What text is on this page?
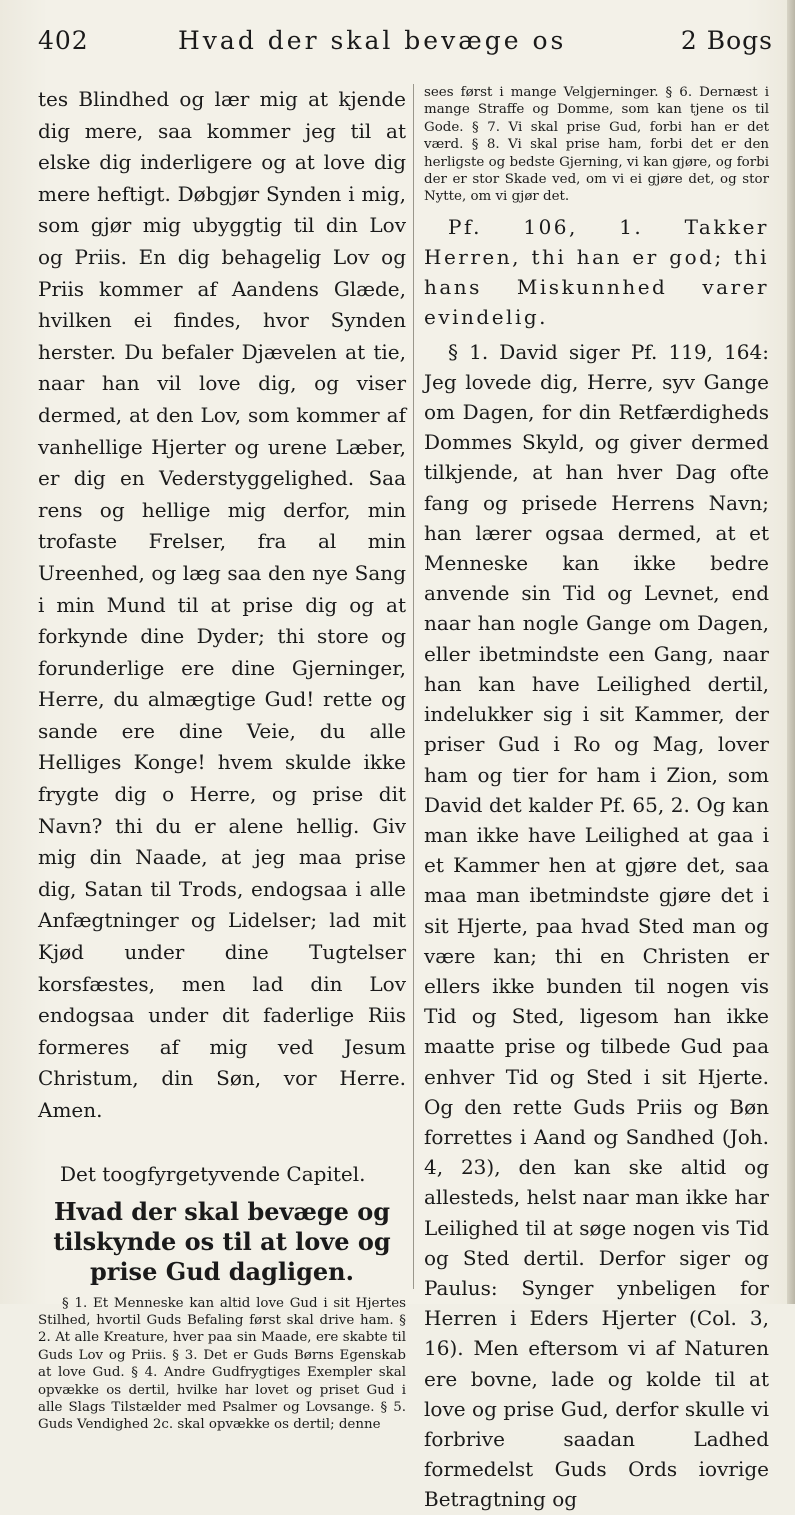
402	Hvad der skal bevæge os	2 Bogs

tes Blindhed og lær mig at kjende dig mere, saa kommer jeg til at elske dig inderligere og at love dig mere heftigt. Døbgjør Synden i mig, som gjør mig ubyggtig til din Lov og Priis. En dig behagelig Lov og Priis kommer af Aandens Glæde, hvilken ei findes, hvor Synden herster. Du befaler Djævelen at tie, naar han vil love dig, og viser dermed, at den Lov, som kommer af vanhellige Hjerter og urene Læber, er dig en Vederstyggelighed. Saa rens og hellige mig derfor, min trofaste Frelser, fra al min Ureenhed, og læg saa den nye Sang i min Mund til at prise dig og at forkynde dine Dyder; thi store og forunderlige ere dine Gjerninger, Herre, du almægtige Gud! rette og sande ere dine Veie, du alle Helliges Konge! hvem skulde ikke frygte dig o Herre, og prise dit Navn? thi du er alene hellig. Giv mig din Naade, at jeg maa prise dig, Satan til Trods, endogsaa i alle Anfægtninger og Lidelser; lad mit Kjød under dine Tugtelser korsfæstes, men lad din Lov endogsaa under dit faderlige Riis formeres af mig ved Jesum Christum, din Søn, vor Herre. Amen.

Det toogfyrgetyvende Capitel.
Hvad der skal bevæge og tilskynde os til at love og prise Gud dagligen.

§ 1. Et Menneske kan altid love Gud i sit Hjertes Stilhed, hvortil Guds Befaling først skal drive ham. § 2. At alle Kreature, hver paa sin Maade, ere skabte til Guds Lov og Priis. § 3. Det er Guds Børns Egenskab at love Gud. § 4. Andre Gudfrygtiges Exempler skal opvække os dertil, hvilke har lovet og priset Gud i alle Slags Tilstælder med Psalmer og Lovsange. § 5. Guds Vendighed 2c. skal opvække os dertil; denne

sees først i mange Velgjerninger. § 6. Dernæst i mange Straffe og Domme, som kan tjene os til Gode. § 7. Vi skal prise Gud, forbi han er det værd. § 8. Vi skal prise ham, forbi det er den herligste og bedste Gjerning, vi kan gjøre, og forbi der er stor Skade ved, om vi ei gjøre det, og stor Nytte, om vi gjør det.

Pf. 106, 1. Takker Herren, thi han er god; thi hans Miskunnhed varer evindelig.

§ 1. David siger Pf. 119, 164: Jeg lovede dig, Herre, syv Gange om Dagen, for din Retfærdigheds Dommes Skyld, og giver dermed tilkjende, at han hver Dag ofte fang og prisede Herrens Navn; han lærer ogsaa dermed, at et Menneske kan ikke bedre anvende sin Tid og Levnet, end naar han nogle Gange om Dagen, eller ibetmindste een Gang, naar han kan have Leilighed dertil, indelukker sig i sit Kammer, der priser Gud i Ro og Mag, lover ham og tier for ham i Zion, som David det kalder Pf. 65, 2. Og kan man ikke have Leilighed at gaa i et Kammer hen at gjøre det, saa maa man ibetmindste gjøre det i sit Hjerte, paa hvad Sted man og være kan; thi en Christen er ellers ikke bunden til nogen vis Tid og Sted, ligesom han ikke maatte prise og tilbede Gud paa enhver Tid og Sted i sit Hjerte. Og den rette Guds Priis og Bøn forrettes i Aand og Sandhed (Joh. 4, 23), den kan ske altid og allesteds, helst naar man ikke har Leilighed til at søge nogen vis Tid og Sted dertil. Derfor siger og Paulus: Synger ynbeligen for Herren i Eders Hjerter (Col. 3, 16). Men eftersom vi af Naturen ere bovne, lade og kolde til at love og prise Gud, derfor skulle vi forbrive saadan Ladhed formedelst Guds Ords iovrige Betragtning og
